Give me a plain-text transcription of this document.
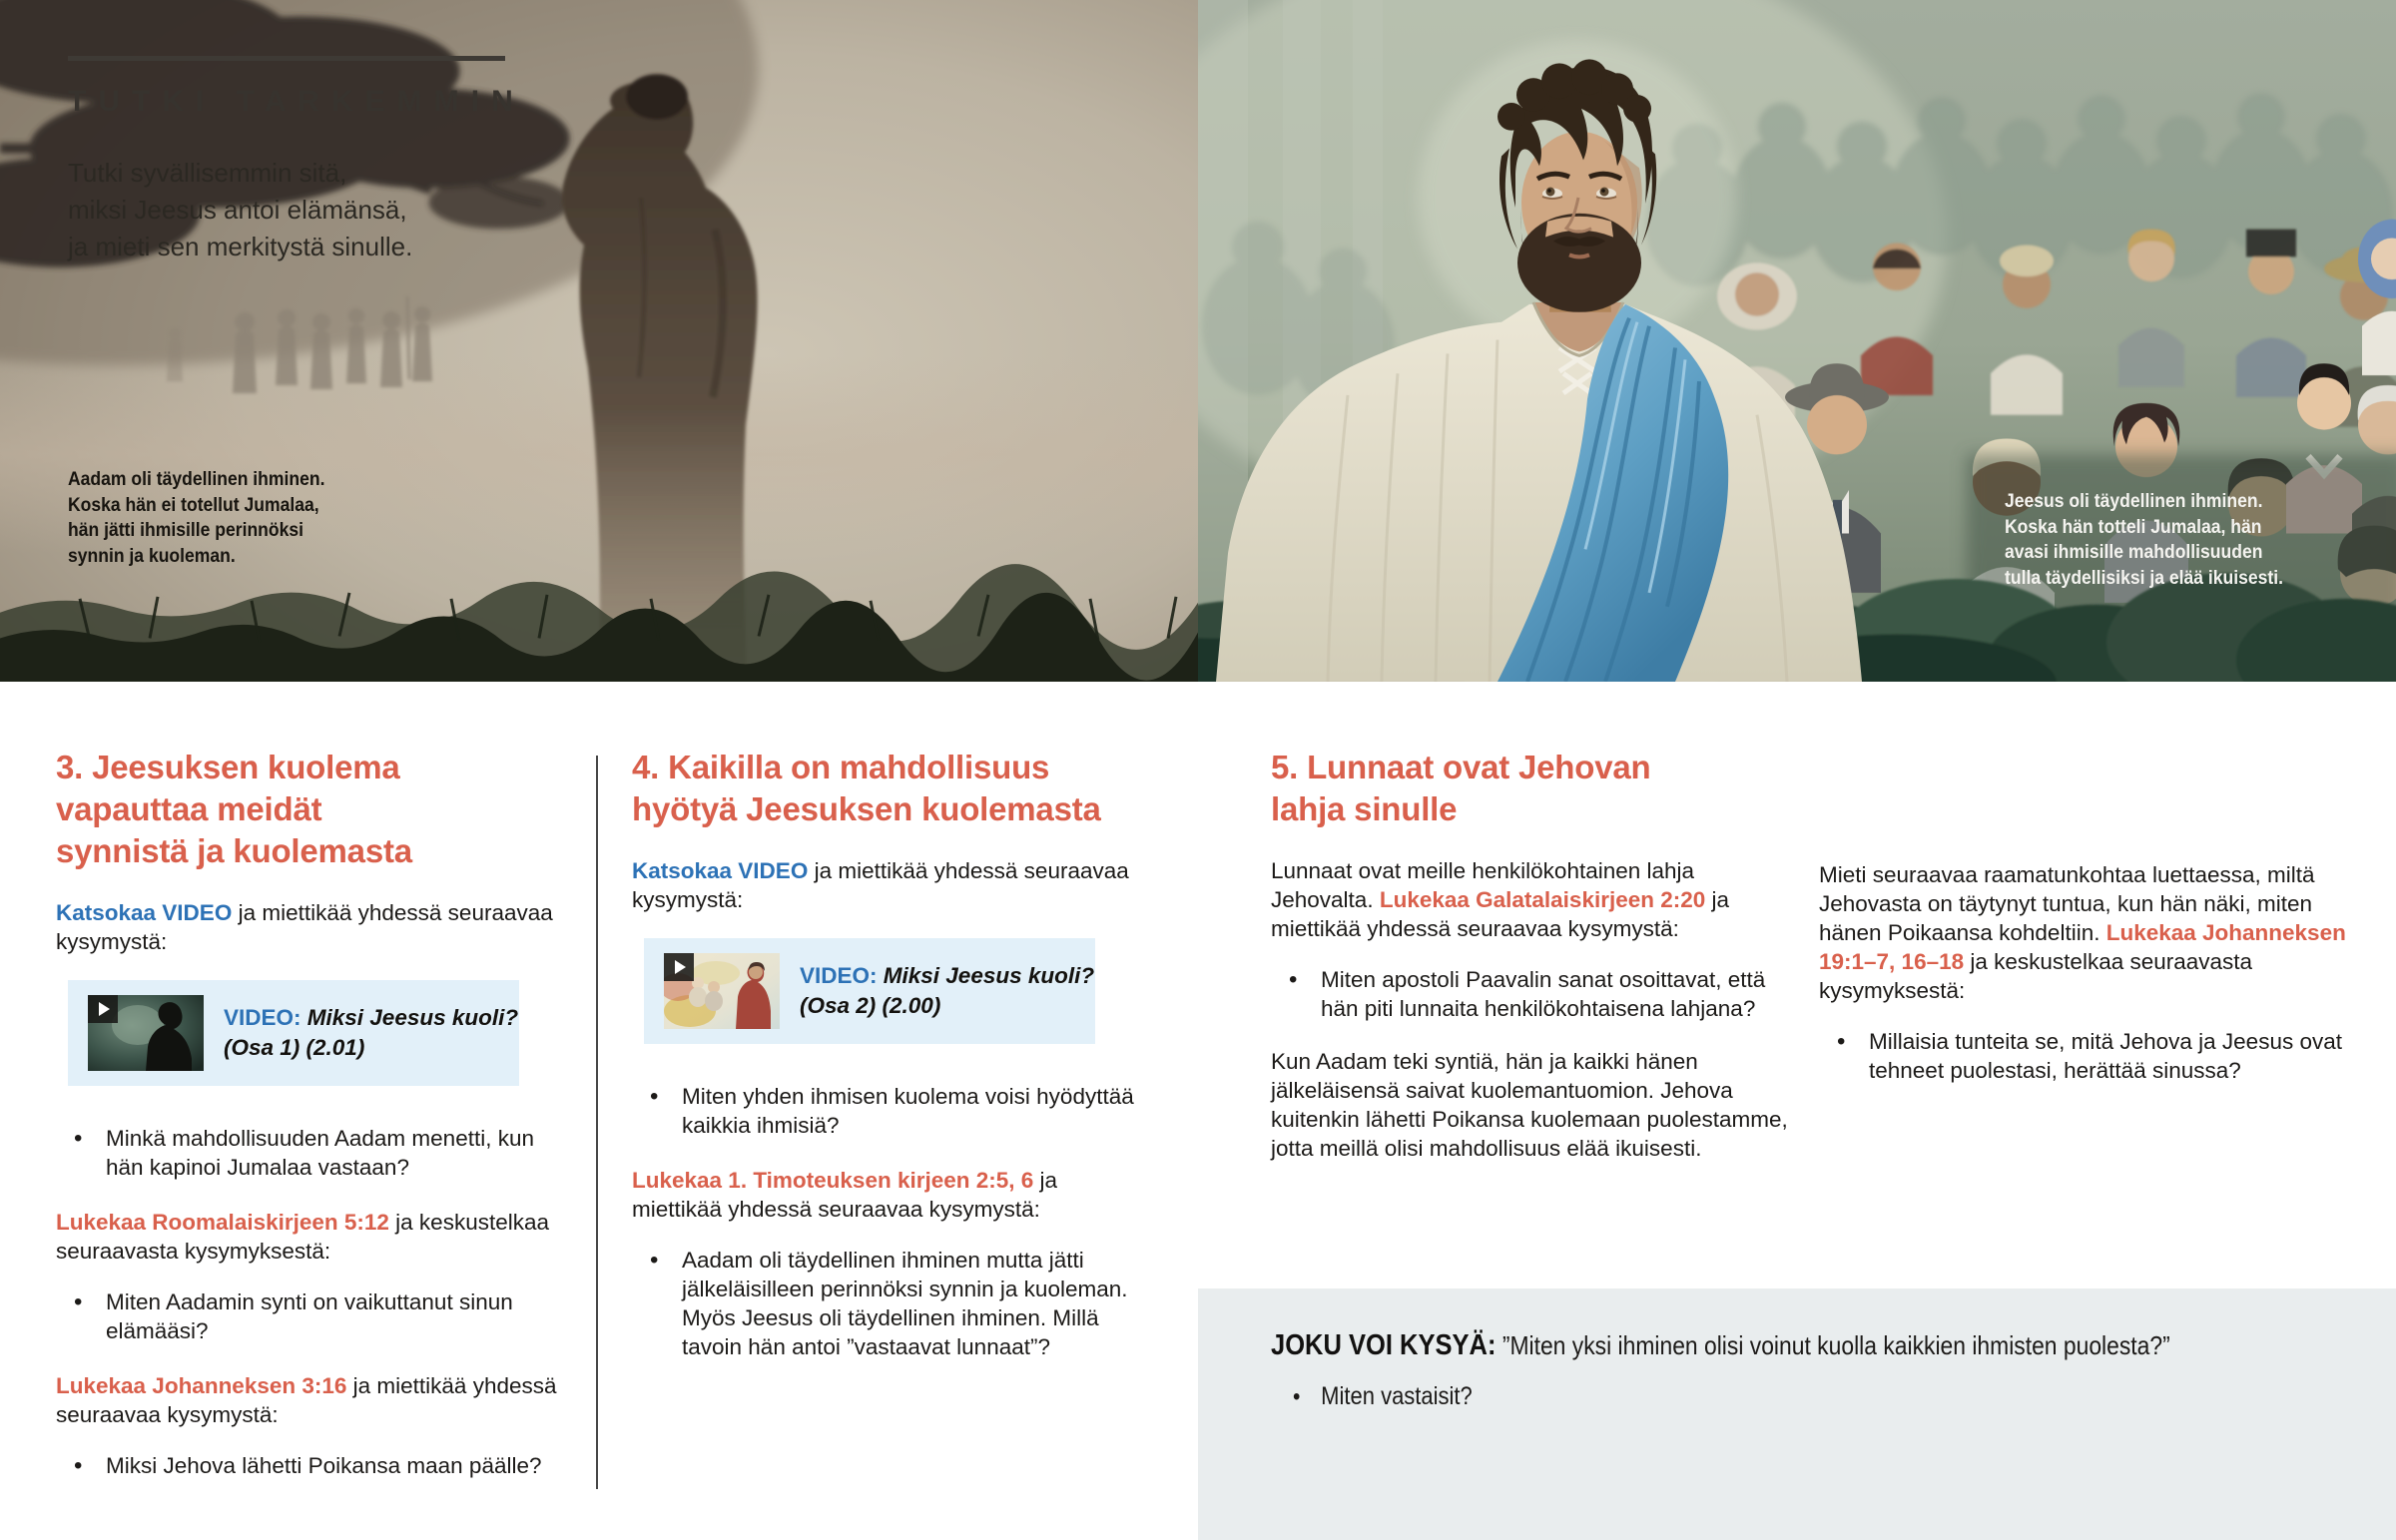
TUTKI TARKEMMIN
Tutki syvällisemmin sitä,
miksi Jeesus antoi elämänsä,
ja mieti sen merkitystä sinulle.
Aadam oli täydellinen ihminen.
Koska hän ei totellut Jumalaa,
hän jätti ihmisille perinnöksi
synnin ja kuoleman.
Jeesus oli täydellinen ihminen.
Koska hän totteli Jumalaa, hän
avasi ihmisille mahdollisuuden
tulla täydellisiksi ja elää ikuisesti.
3. Jeesuksen kuolema
vapauttaa meidät
synnistä ja kuolemasta
Katsokaa VIDEO ja miettikää yhdessä seuraavaa kysymystä:
VIDEO: Miksi Jeesus kuoli?
(Osa 1) (2.01)
•
Minkä mahdollisuuden Aadam menetti, kun hän kapinoi Jumalaa vastaan?
Lukekaa Roomalaiskirjeen 5:12 ja keskustelkaa seuraavasta kysymyksestä:
•
Miten Aadamin synti on vaikuttanut sinun elämääsi?
Lukekaa Johanneksen 3:16 ja miettikää yhdessä seuraavaa kysymystä:
•
Miksi Jehova lähetti Poikansa maan päälle?
4. Kaikilla on mahdollisuus
hyötyä Jeesuksen kuolemasta
Katsokaa VIDEO ja miettikää yhdessä seuraavaa kysymystä:
VIDEO: Miksi Jeesus kuoli?
(Osa 2) (2.00)
•
Miten yhden ihmisen kuolema voisi hyödyttää kaikkia ihmisiä?
Lukekaa 1. Timoteuksen kirjeen 2:5, 6 ja miettikää yhdessä seuraavaa kysymystä:
•
Aadam oli täydellinen ihminen mutta jätti jälkeläisilleen perinnöksi synnin ja kuoleman. Myös Jeesus oli täydellinen ihminen. Millä tavoin hän antoi ”vastaavat lunnaat”?
5. Lunnaat ovat Jehovan
lahja sinulle
Lunnaat ovat meille henkilökohtainen lahja Jehovalta. Lukekaa Galatalaiskirjeen 2:20 ja miettikää yhdessä seuraavaa kysymystä:
•
Miten apostoli Paavalin sanat osoittavat, että hän piti lunnaita henkilökohtaisena lahjana?
Kun Aadam teki syntiä, hän ja kaikki hänen jälkeläisensä saivat kuolemantuomion. Jehova kuitenkin lähetti Poikansa kuolemaan puolestamme, jotta meillä olisi mahdollisuus elää ikuisesti.
Mieti seuraavaa raamatunkohtaa luettaessa, miltä Jehovasta on täytynyt tuntua, kun hän näki, miten hänen Poikaansa kohdeltiin. Lukekaa Johanneksen 19:1–7, 16–18 ja keskustelkaa seuraavasta kysymyksestä:
•
Millaisia tunteita se, mitä Jehova ja Jeesus ovat tehneet puolestasi, herättää sinussa?
JOKU VOI KYSYÄ: ”Miten yksi ihminen olisi voinut kuolla kaikkien ihmisten puolesta?”
•
Miten vastaisit?
